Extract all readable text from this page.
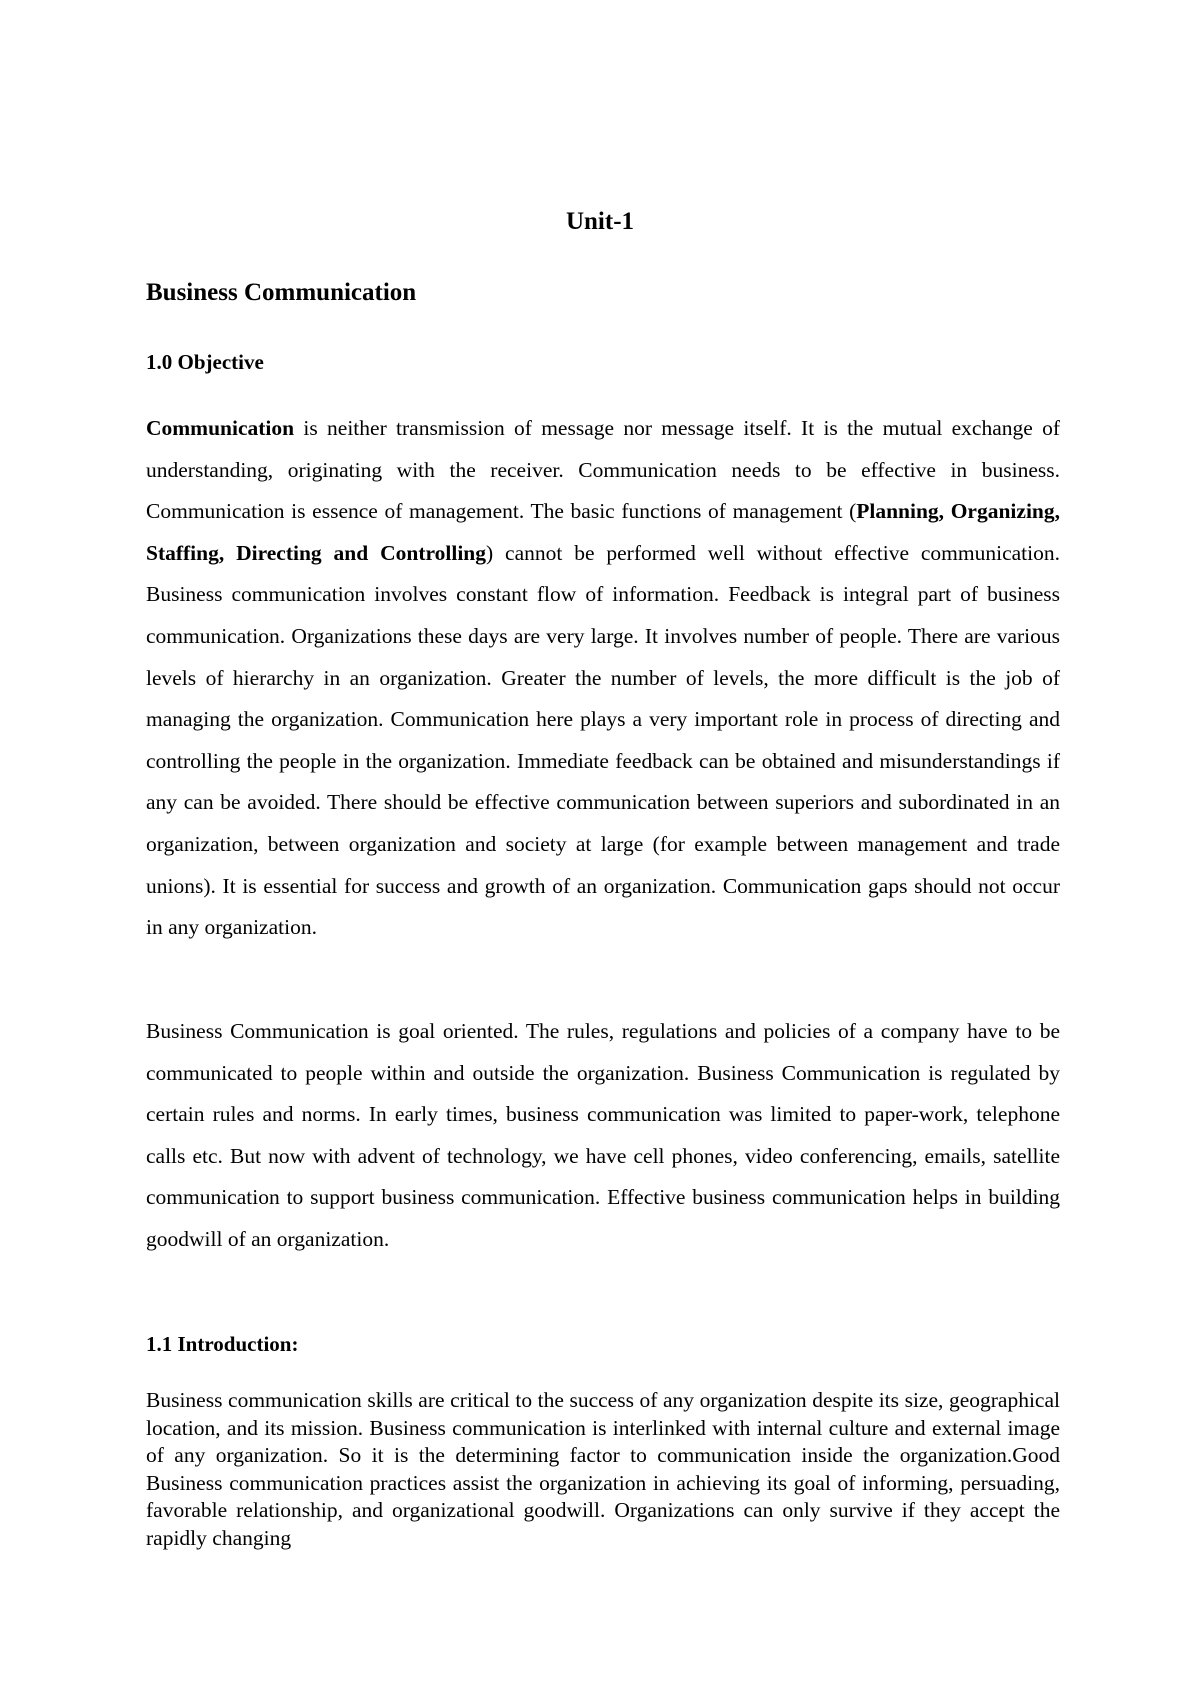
Unit-1
Business Communication
1.0 Objective

Communication is neither transmission of message nor message itself. It is the mutual exchange of understanding, originating with the receiver. Communication needs to be effective in business. Communication is essence of management. The basic functions of management (Planning, Organizing, Staffing, Directing and Controlling) cannot be performed well without effective communication. Business communication involves constant flow of information. Feedback is integral part of business communication. Organizations these days are very large. It involves number of people. There are various levels of hierarchy in an organization. Greater the number of levels, the more difficult is the job of managing the organization. Communication here plays a very important role in process of directing and controlling the people in the organization. Immediate feedback can be obtained and misunderstandings if any can be avoided. There should be effective communication between superiors and subordinated in an organization, between organization and society at large (for example between management and trade unions). It is essential for success and growth of an organization. Communication gaps should not occur in any organization.

Business Communication is goal oriented. The rules, regulations and policies of a company have to be communicated to people within and outside the organization. Business Communication is regulated by certain rules and norms. In early times, business communication was limited to paper-work, telephone calls etc. But now with advent of technology, we have cell phones, video conferencing, emails, satellite communication to support business communication. Effective business communication helps in building goodwill of an organization.

1.1 Introduction:

Business communication skills are critical to the success of any organization despite its size, geographical location, and its mission. Business communication is interlinked with internal culture and external image of any organization. So it is the determining factor to communication inside the organization.Good Business communication practices assist the organization in achieving its goal of informing, persuading, favorable relationship, and organizational goodwill. Organizations can only survive if they accept the rapidly changing
